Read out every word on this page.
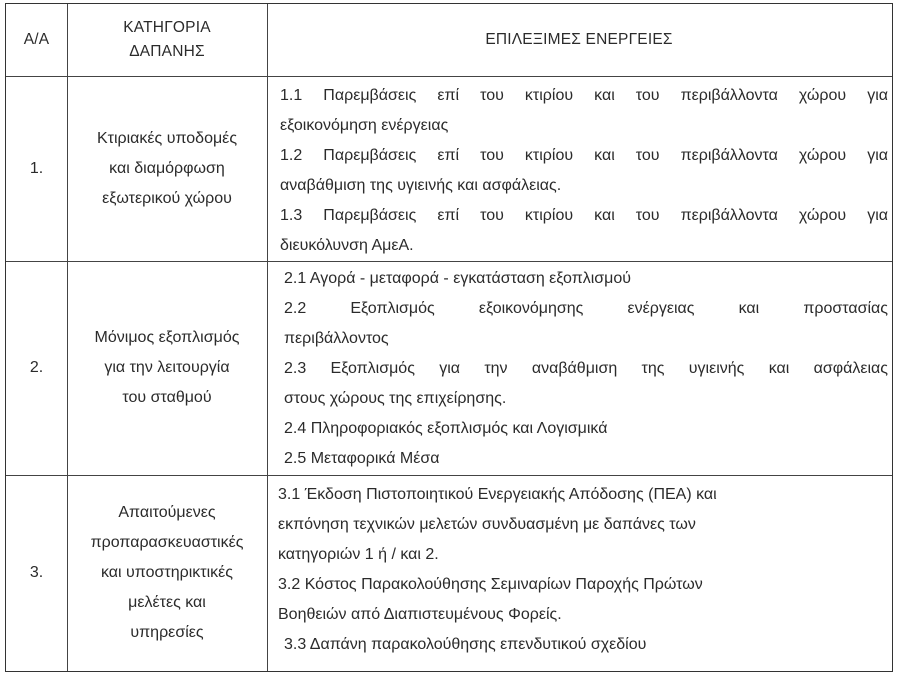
Α/Α
ΚΑΤΗΓΟΡΙΑ
ΔΑΠΑΝΗΣ
ΕΠΙΛΕΞΙΜΕΣ ΕΝΕΡΓΕΙΕΣ
1.
Κτιριακές υποδομές
και διαμόρφωση
εξωτερικού χώρου
1.1 Παρεμβάσεις επί του κτιρίου και του περιβάλλοντα χώρου για
εξοικονόμηση ενέργειας
1.2 Παρεμβάσεις επί του κτιρίου και του περιβάλλοντα χώρου για
αναβάθμιση της υγιεινής και ασφάλειας.
1.3 Παρεμβάσεις επί του κτιρίου και του περιβάλλοντα χώρου για
διευκόλυνση ΑμεΑ.
2.
Μόνιμος εξοπλισμός
για την λειτουργία
του σταθμού
2.1 Αγορά - μεταφορά - εγκατάσταση εξοπλισμού
2.2 Εξοπλισμός εξοικονόμησης ενέργειας και προστασίας
περιβάλλοντος
2.3 Εξοπλισμός για την αναβάθμιση της υγιεινής και ασφάλειας
στους χώρους της επιχείρησης.
2.4 Πληροφοριακός εξοπλισμός και Λογισμικά
2.5 Μεταφορικά Μέσα
3.
Απαιτούμενες
προπαρασκευαστικές
και υποστηρικτικές
μελέτες και
υπηρεσίες
3.1 Έκδοση Πιστοποιητικού Ενεργειακής Απόδοσης (ΠΕΑ) και
εκπόνηση τεχνικών μελετών συνδυασμένη με δαπάνες των
κατηγοριών 1 ή / και 2.
3.2 Κόστος Παρακολούθησης Σεμιναρίων Παροχής Πρώτων
Βοηθειών από Διαπιστευμένους Φορείς.
3.3 Δαπάνη παρακολούθησης επενδυτικού σχεδίου
